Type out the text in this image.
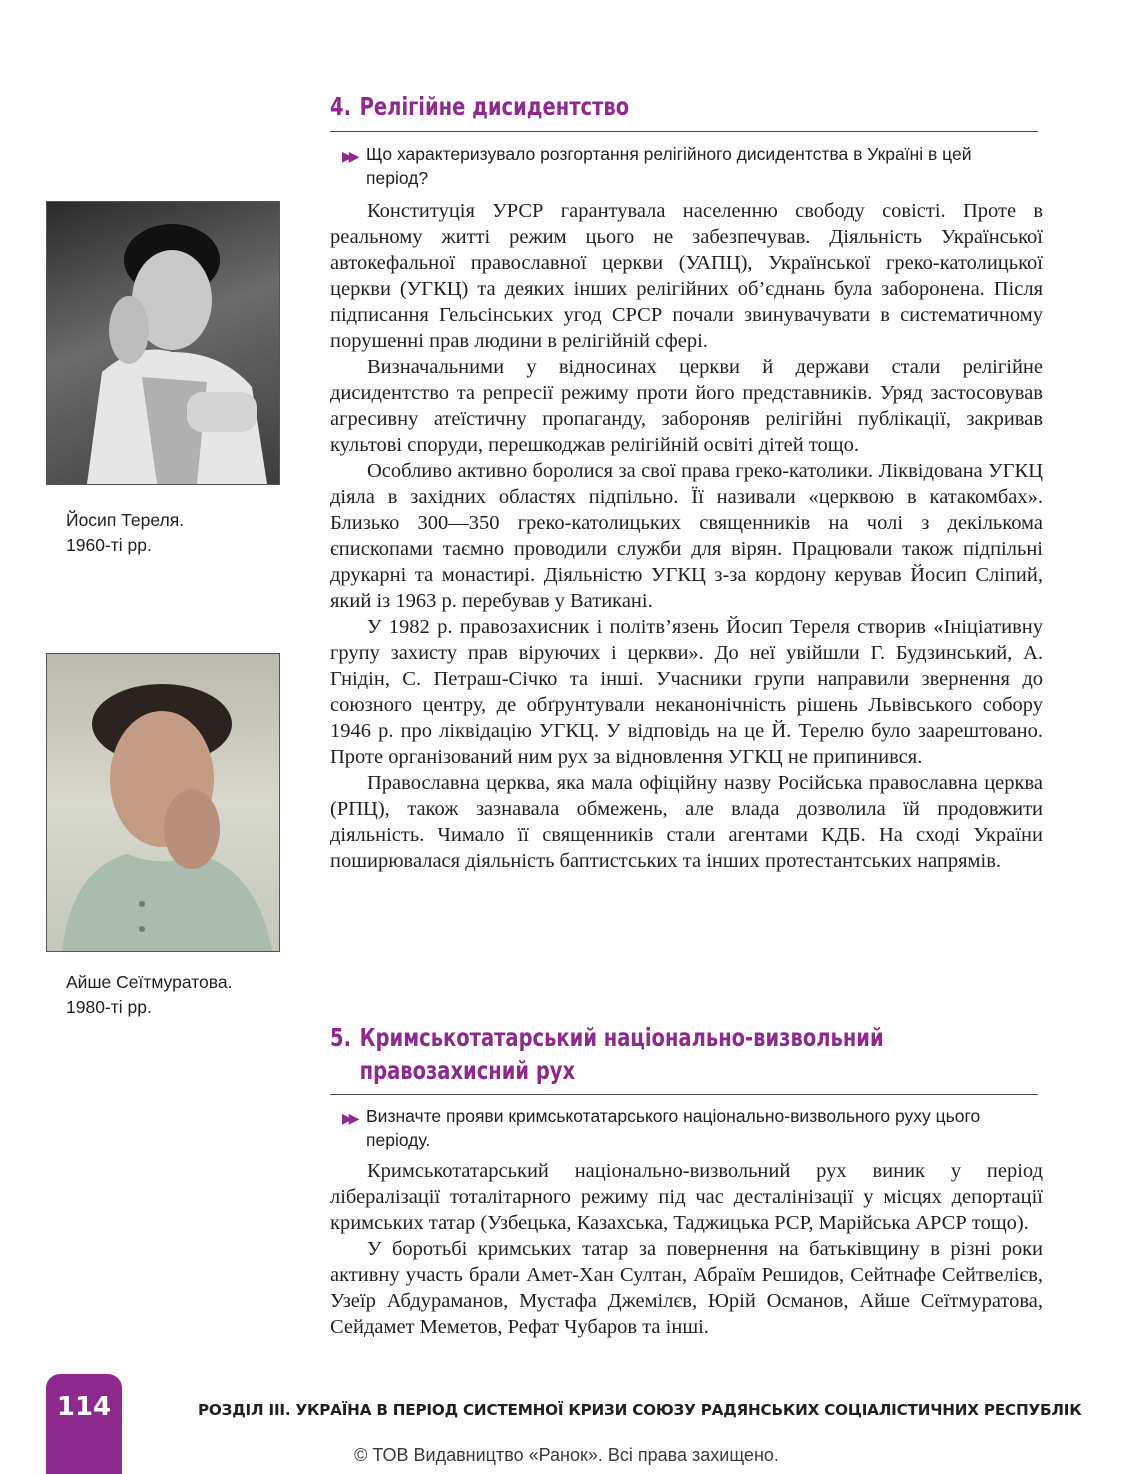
4. Релігійне дисидентство
▶▶ Що характеризувало розгортання релігійного дисидентства в Україні в цей період?

Конституція УРСР гарантувала населенню свободу совісті. Проте в реальному житті режим цього не забезпечував. Діяльність Української автокефальної православної церкви (УАПЦ), Української греко-католицької церкви (УГКЦ) та деяких інших релігійних об’єднань була заборонена. Після підписання Гельсінських угод СРСР почали звинувачувати в систематичному порушенні прав людини в релігійній сфері.

Визначальними у відносинах церкви й держави стали релігійне дисидентство та репресії режиму проти його представників. Уряд застосовував агресивну атеїстичну пропаганду, забороняв релігійні публікації, закривав культові споруди, перешкоджав релігійній освіті дітей тощо.

Особливо активно боролися за свої права греко-католики. Ліквідована УГКЦ діяла в західних областях підпільно. Її називали «церквою в катакомбах». Близько 300—350 греко-католицьких священників на чолі з декількома єпископами таємно проводили служби для вірян. Працювали також підпільні друкарні та монастирі. Діяльністю УГКЦ з-за кордону керував Йосип Сліпий, який із 1963 р. перебував у Ватикані.

У 1982 р. правозахисник і політв’язень Йосип Тереля створив «Ініціативну групу захисту прав віруючих і церкви». До неї увійшли Г. Будзинський, А. Гнідін, С. Петраш-Січко та інші. Учасники групи направили звернення до союзного центру, де обґрунтували неканонічність рішень Львівського собору 1946 р. про ліквідацію УГКЦ. У відповідь на це Й. Терелю було заарештовано. Проте організований ним рух за відновлення УГКЦ не припинився.

Православна церква, яка мала офіційну назву Російська православна церква (РПЦ), також зазнавала обмежень, але влада дозволила їй продовжити діяльність. Чимало її священників стали агентами КДБ. На сході України поширювалася діяльність баптистських та інших протестантських напрямів.

Йосип Тереля.
1960-ті рр.
Айше Сеїтмуратова.
1980-ті рр.
5. Кримськотатарський національно-визвольний
правозахисний рух
▶▶ Визначте прояви кримськотатарського національно-визвольного руху цього періоду.

Кримськотатарський національно-визвольний рух виник у період лібералізації тоталітарного режиму під час десталінізації у місцях депортації кримських татар (Узбецька, Казахська, Таджицька РСР, Марійська АРСР тощо).

У боротьбі кримських татар за повернення на батьківщину в різні роки активну участь брали Амет-Хан Султан, Абраїм Решидов, Сейтнафе Сейтвелієв, Узеїр Абдураманов, Мустафа Джемілєв, Юрій Османов, Айше Сеїтмуратова, Сейдамет Меметов, Рефат Чубаров та інші.

114	РОЗДІЛ ІІІ. УКРАЇНА В ПЕРІОД СИСТЕМНОЇ КРИЗИ СОЮЗУ РАДЯНСЬКИХ СОЦІАЛІСТИЧНИХ РЕСПУБЛІК
© ТОВ Видавництво «Ранок». Всі права захищено.
